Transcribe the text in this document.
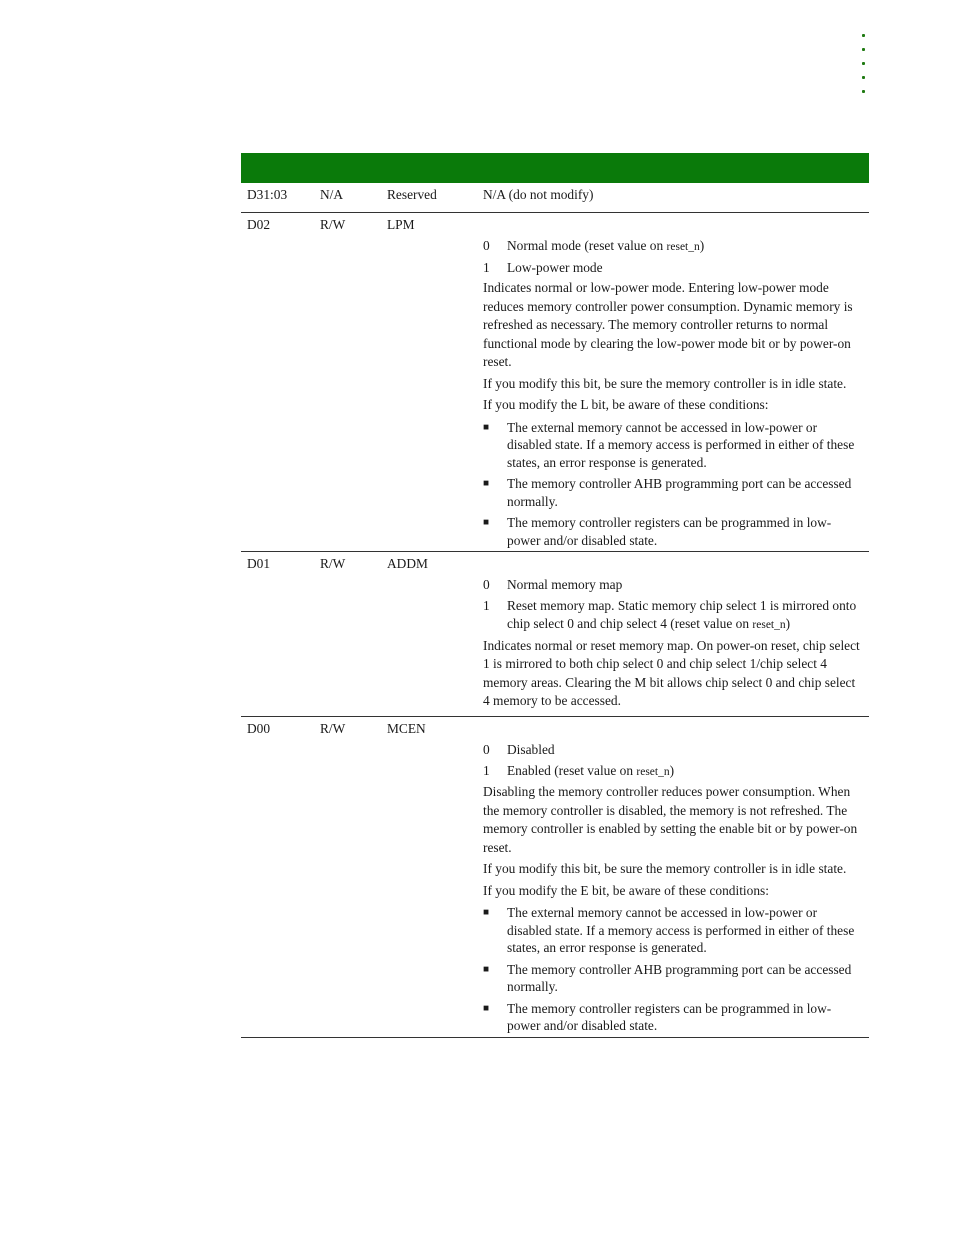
D31:03 N/A	Reserved	N/A (do not modify)
D02	R/W	LPM
0	Normal mode (reset value on reset_n)
1	Low-power mode

Indicates normal or low-power mode. Entering low-power mode reduces memory controller power consumption. Dynamic memory is refreshed as necessary. The memory controller returns to normal functional mode by clearing the low-power mode bit or by power-on reset.

If you modify this bit, be sure the memory controller is in idle state.

If you modify the L bit, be aware of these conditions:

■	The external memory cannot be accessed in low-power or disabled state. If a memory access is performed in either of these states, an error response is generated.
■	The memory controller AHB programming port can be accessed normally.
■	The memory controller registers can be programmed in low-power and/or disabled state.
D01	R/W	ADDM
0	Normal memory map
1	Reset memory map. Static memory chip select 1 is mirrored onto chip select 0 and chip select 4 (reset value on reset_n)

Indicates normal or reset memory map. On power-on reset, chip select 1 is mirrored to both chip select 0 and chip select 1/chip select 4 memory areas. Clearing the M bit allows chip select 0 and chip select 4 memory to be accessed.

D00	R/W	MCEN
0	Disabled
1	Enabled (reset value on reset_n)

Disabling the memory controller reduces power consumption. When the memory controller is disabled, the memory is not refreshed. The memory controller is enabled by setting the enable bit or by power-on reset.

If you modify this bit, be sure the memory controller is in idle state.

If you modify the E bit, be aware of these conditions:

■	The external memory cannot be accessed in low-power or disabled state. If a memory access is performed in either of these states, an error response is generated.
■	The memory controller AHB programming port can be accessed normally.
■	The memory controller registers can be programmed in low-power and/or disabled state.
